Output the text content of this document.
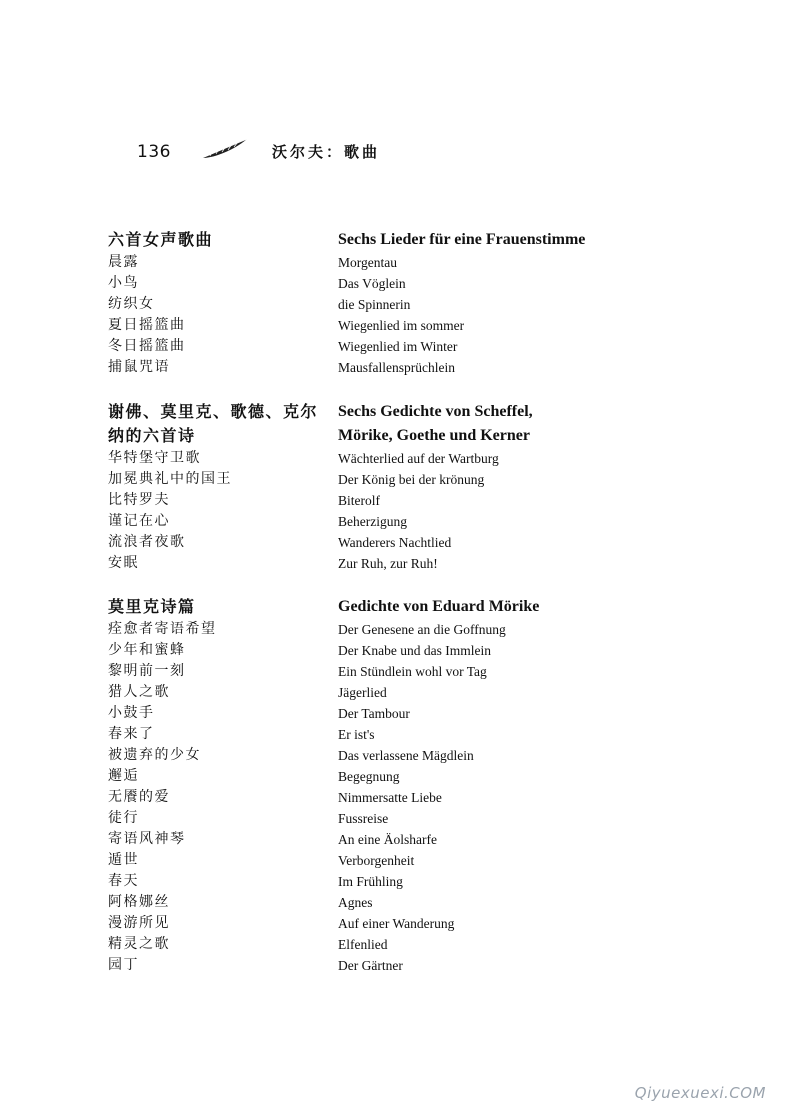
136	沃尔夫：歌曲
六首女声歌曲	Sechs Lieder für eine Frauenstimme
晨露	Morgentau
小鸟	Das Vöglein
纺织女	die Spinnerin
夏日摇篮曲	Wiegenlied im sommer
冬日摇篮曲	Wiegenlied im Winter
捕鼠咒语	Mausfallensprüchlein
谢佛、莫里克、歌德、克尔	Sechs Gedichte von Scheffel,
纳的六首诗	Mörike, Goethe und Kerner
华特堡守卫歌	Wächterlied auf der Wartburg
加冕典礼中的国王	Der König bei der krönung
比特罗夫	Biterolf
谨记在心	Beherzigung
流浪者夜歌	Wanderers Nachtlied
安眠	Zur Ruh, zur Ruh!
莫里克诗篇	Gedichte von Eduard Mörike
痊愈者寄语希望	Der Genesene an die Goffnung
少年和蜜蜂	Der Knabe und das Immlein
黎明前一刻	Ein Stündlein wohl vor Tag
猎人之歌	Jägerlied
小鼓手	Der Tambour
春来了	Er ist's
被遗弃的少女	Das verlassene Mägdlein
邂逅	Begegnung
无餍的爱	Nimmersatte Liebe
徒行	Fussreise
寄语风神琴	An eine Äolsharfe
遁世	Verborgenheit
春天	Im Frühling
阿格娜丝	Agnes
漫游所见	Auf einer Wanderung
精灵之歌	Elfenlied
园丁	Der Gärtner
Qiyuexuexi.COM
